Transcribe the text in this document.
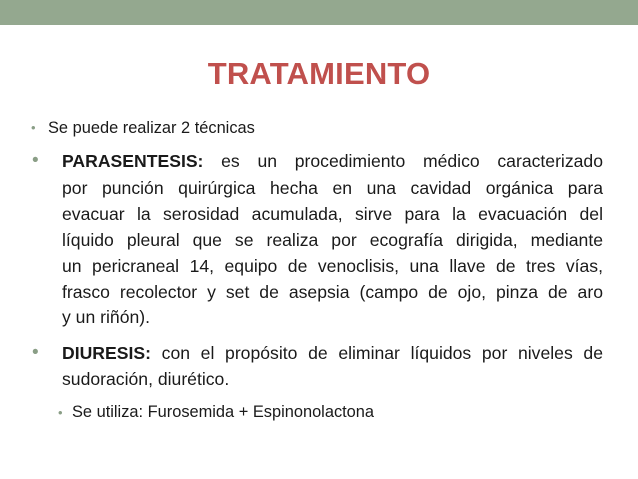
TRATAMIENTO
• Se puede realizar 2 técnicas
• PARASENTESIS: es un procedimiento médico caracterizado
por punción quirúrgica hecha en una cavidad orgánica para
evacuar la serosidad acumulada, sirve para la evacuación del
líquido pleural que se realiza por ecografía dirigida, mediante
un pericraneal 14, equipo de venoclisis, una llave de tres vías,
frasco recolector y set de asepsia (campo de ojo, pinza de aro
y un riñón).
• DIURESIS: con el propósito de eliminar líquidos por niveles de
sudoración, diurético.
• Se utiliza: Furosemida + Espinonolactona
